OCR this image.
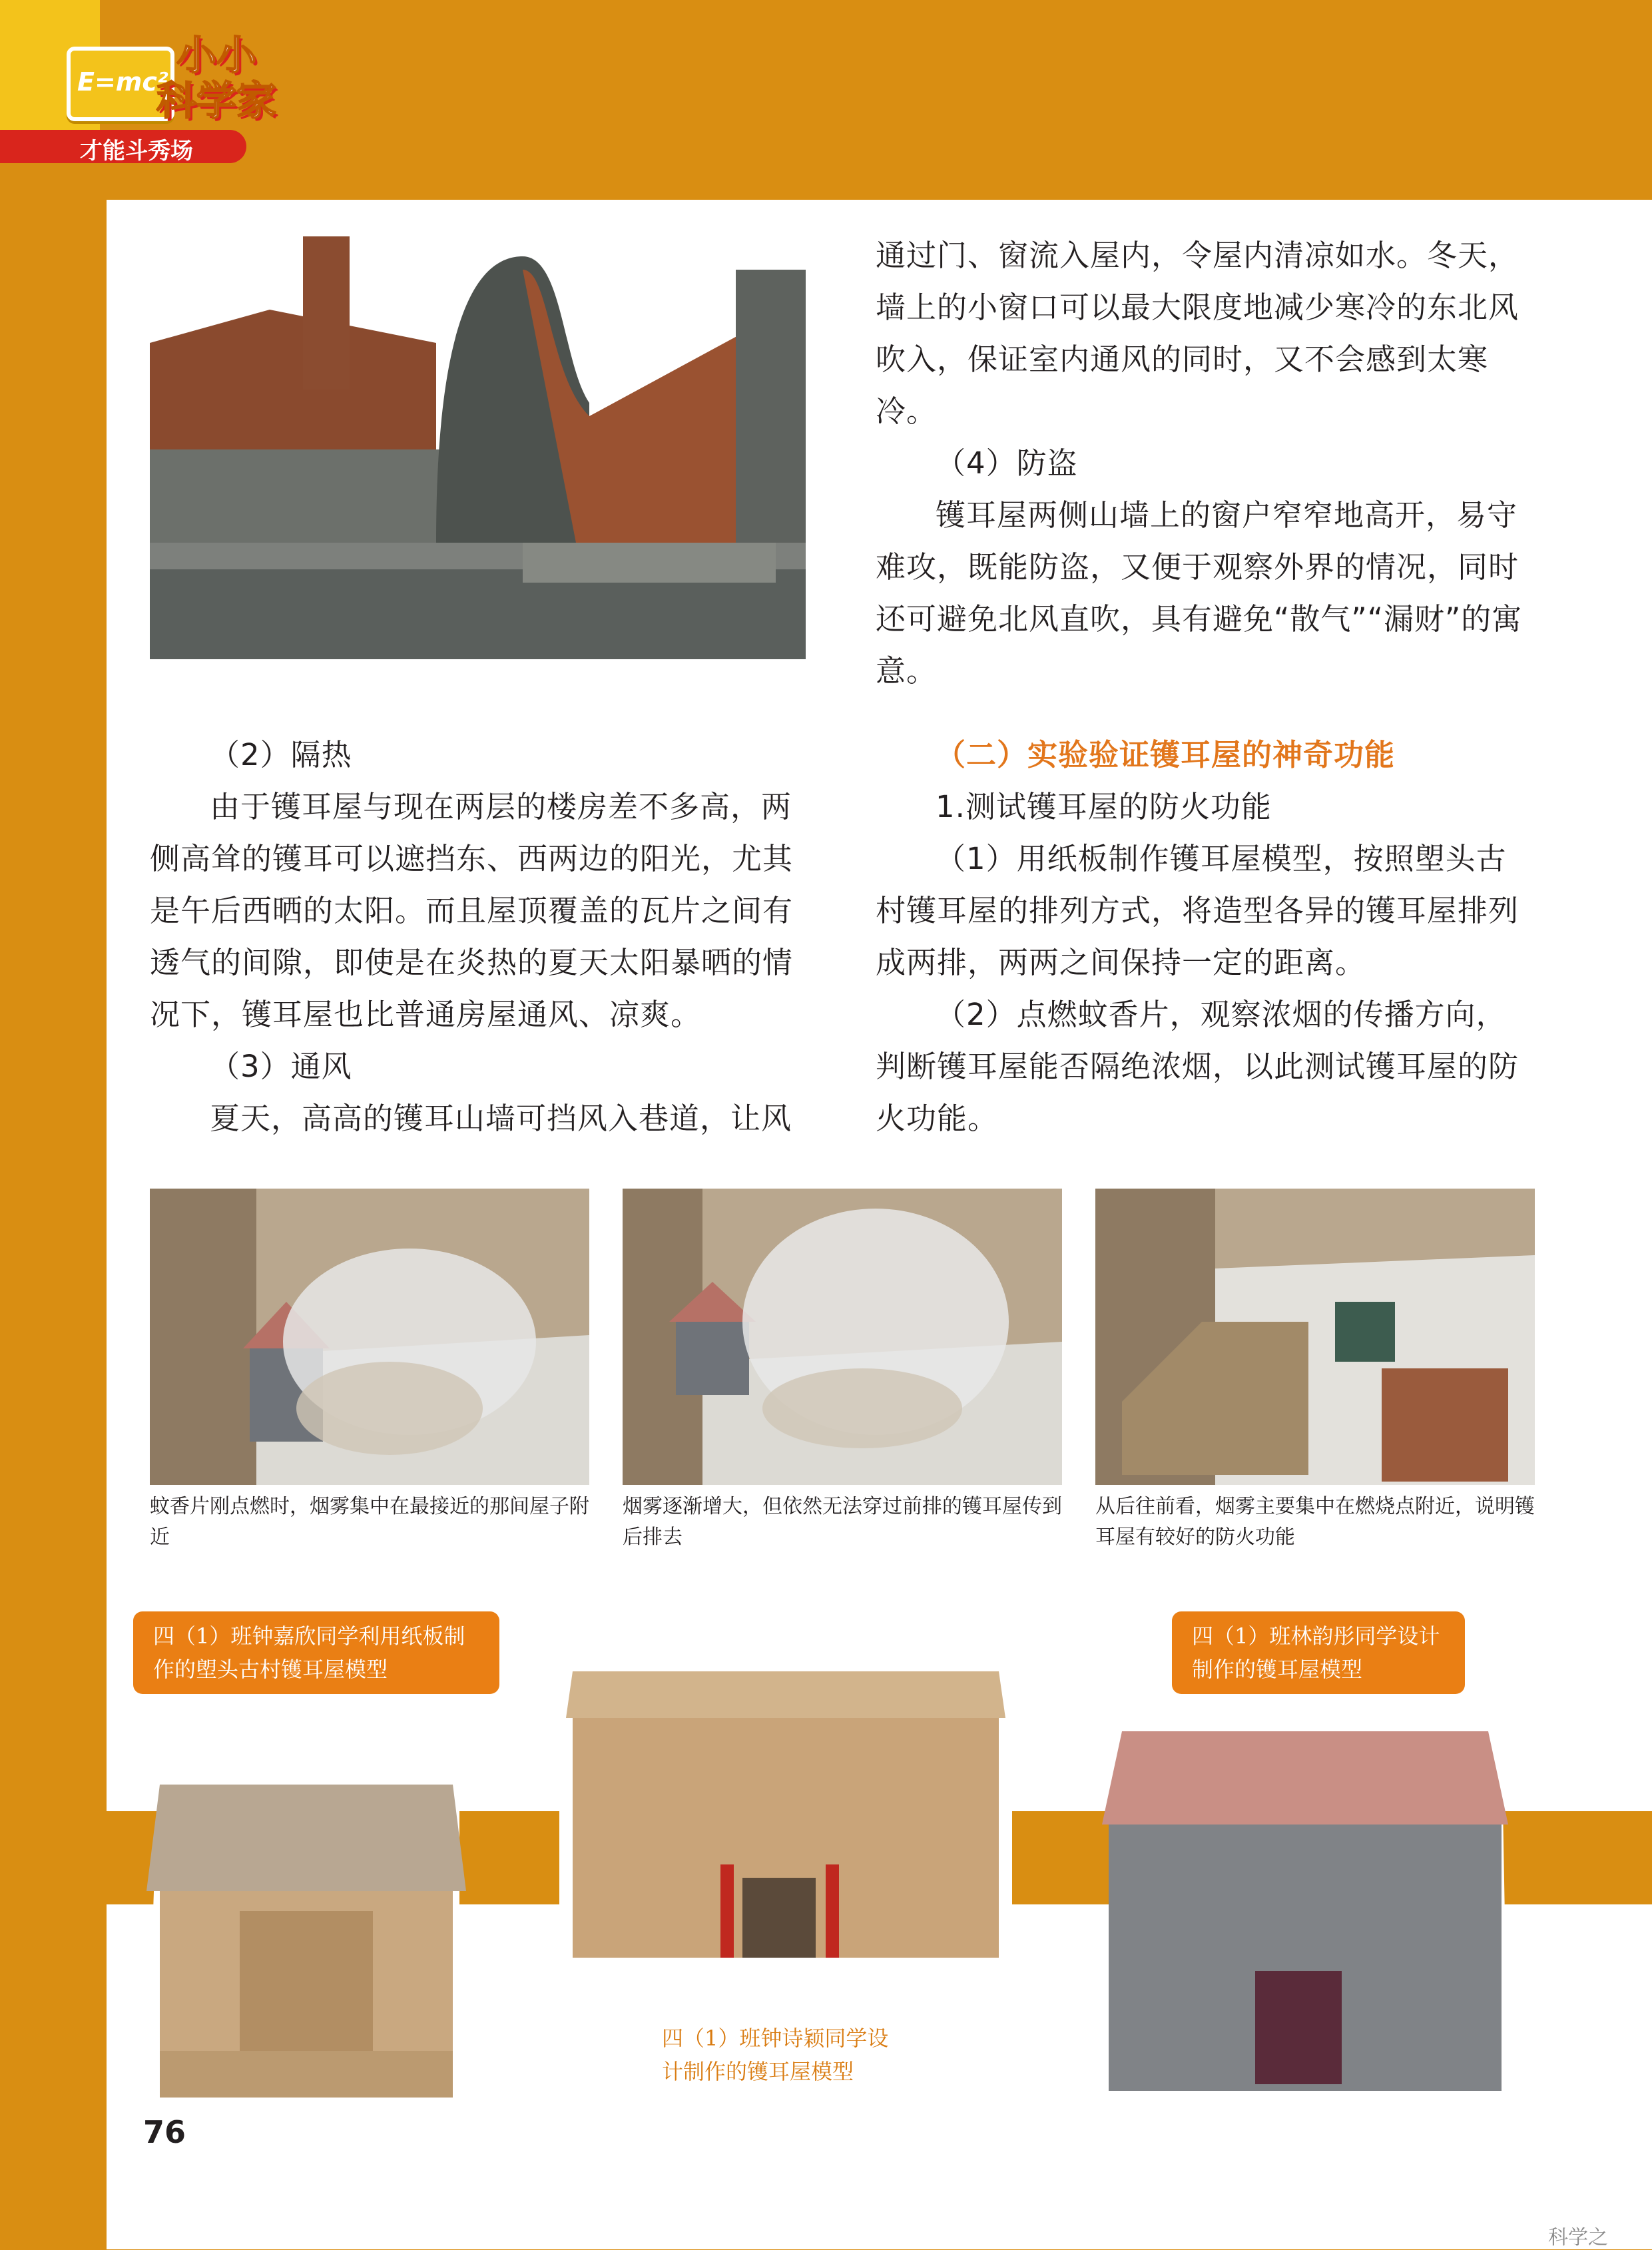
E=mc²
小小
科学家
才能斗秀场

通过门、窗流入屋内，令屋内清凉如水。冬天，墙上的小窗口可以最大限度地减少寒冷的东北风吹入，保证室内通风的同时，又不会感到太寒冷。

（4）防盗

镬耳屋两侧山墙上的窗户窄窄地高开，易守难攻，既能防盗，又便于观察外界的情况，同时还可避免北风直吹，具有避免“散气”“漏财”的寓意。

（2）隔热

由于镬耳屋与现在两层的楼房差不多高，两侧高耸的镬耳可以遮挡东、西两边的阳光，尤其是午后西晒的太阳。而且屋顶覆盖的瓦片之间有透气的间隙，即使是在炎热的夏天太阳暴晒的情况下，镬耳屋也比普通房屋通风、凉爽。

（3）通风

夏天，高高的镬耳山墙可挡风入巷道，让风

（二）实验验证镬耳屋的神奇功能

1.测试镬耳屋的防火功能

（1）用纸板制作镬耳屋模型，按照塱头古村镬耳屋的排列方式，将造型各异的镬耳屋排列成两排，两两之间保持一定的距离。

（2）点燃蚊香片，观察浓烟的传播方向，判断镬耳屋能否隔绝浓烟，以此测试镬耳屋的防火功能。

蚊香片刚点燃时，烟雾集中在最接近的那间屋子附近
烟雾逐渐增大，但依然无法穿过前排的镬耳屋传到后排去
从后往前看，烟雾主要集中在燃烧点附近，说明镬耳屋有较好的防火功能
四（1）班钟嘉欣同学利用纸板制作的塱头古村镬耳屋模型
四（1）班钟诗颖同学设计制作的镬耳屋模型
四（1）班林韵彤同学设计制作的镬耳屋模型
76
科学之
